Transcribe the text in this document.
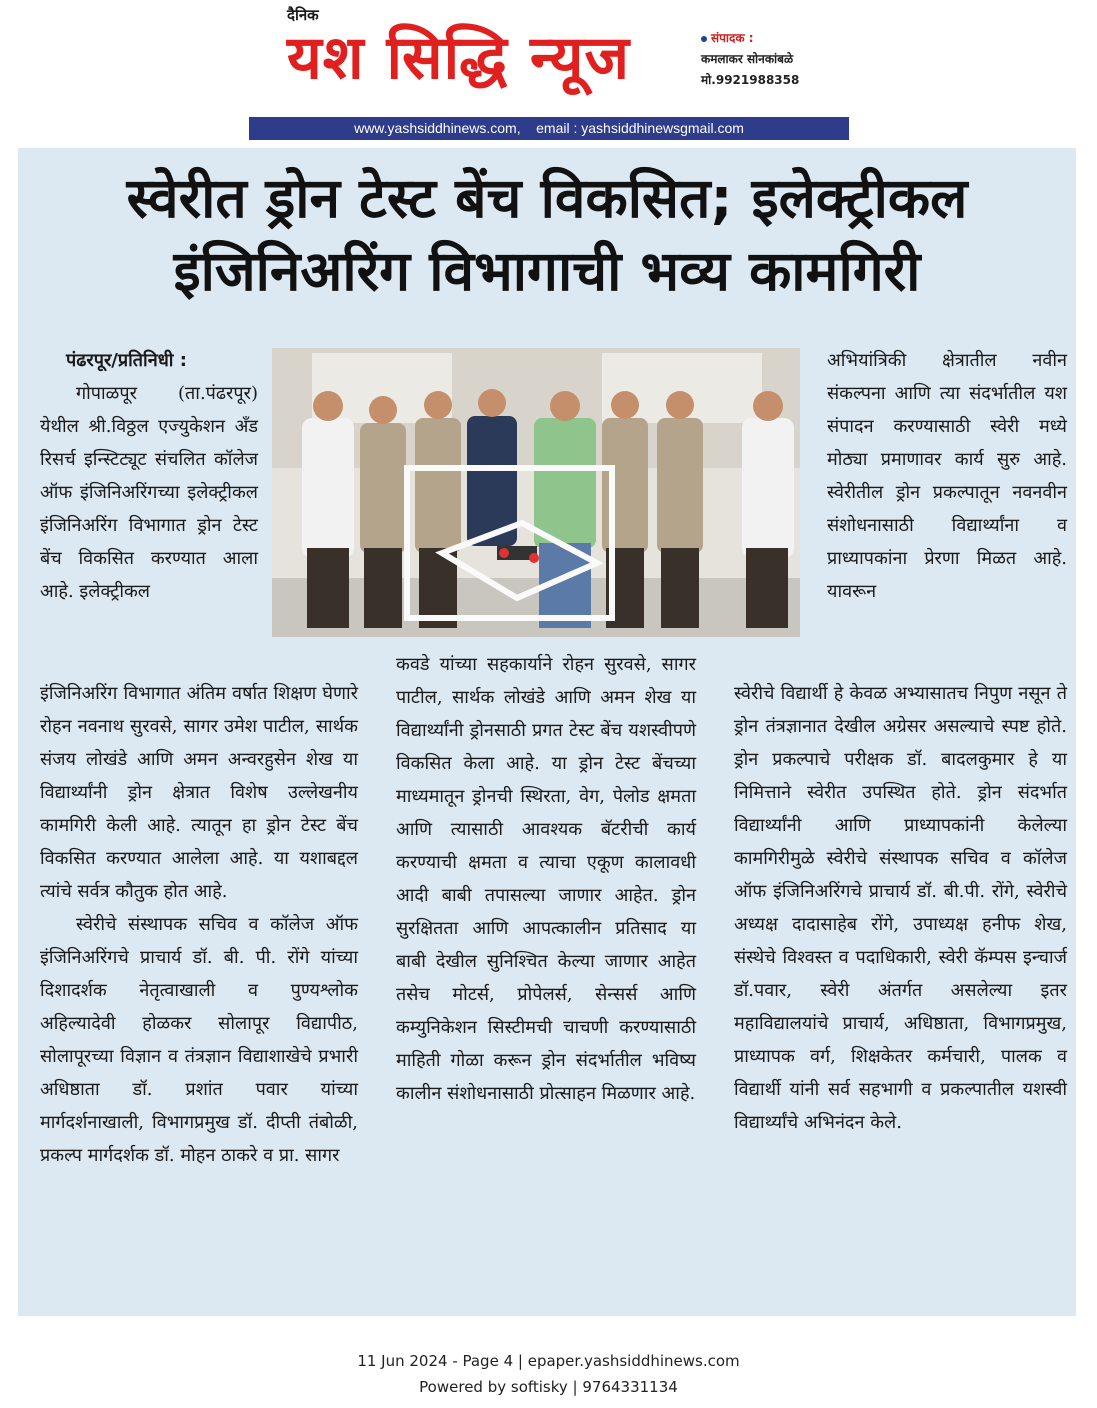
दैनिक
यश सिद्धि न्यूज	संपादक :
कमलाकर सोनकांबळे
मो.9921988358
www.yashsiddhinews.com,    email : yashsiddhinewsgmail.com
स्वेरीत ड्रोन टेस्ट बेंच विकसित; इलेक्ट्रीकल
इंजिनिअरिंग विभागाची भव्य कामगिरी

पंढरपूर/प्रतिनिधी :

गोपाळपूर (ता.पंढरपूर) येथील श्री.विठ्ठल एज्युकेशन अँड रिसर्च इन्स्टिट्यूट संचलित कॉलेज ऑफ इंजिनिअरिंगच्या इलेक्ट्रीकल इंजिनिअरिंग विभागात ड्रोन टेस्ट बेंच विकसित करण्यात आला आहे. इलेक्ट्रीकल

इंजिनिअरिंग विभागात अंतिम वर्षात शिक्षण घेणारे रोहन नवनाथ सुरवसे, सागर उमेश पाटील, सार्थक संजय लोखंडे आणि अमन अन्वरहुसेन शेख या विद्यार्थ्यांनी ड्रोन क्षेत्रात विशेष उल्लेखनीय कामगिरी केली आहे. त्यातून हा ड्रोन टेस्ट बेंच विकसित करण्यात आलेला आहे. या यशाबद्दल त्यांचे सर्वत्र कौतुक होत आहे.

स्वेरीचे संस्थापक सचिव व कॉलेज ऑफ इंजिनिअरिंगचे प्राचार्य डॉ. बी. पी. रोंगे यांच्या दिशादर्शक नेतृत्वाखाली व पुण्यश्लोक अहिल्यादेवी होळकर सोलापूर विद्यापीठ, सोलापूरच्या विज्ञान व तंत्रज्ञान विद्याशाखेचे प्रभारी अधिष्ठाता डॉ. प्रशांत पवार यांच्या मार्गदर्शनाखाली, विभागप्रमुख डॉ. दीप्ती तंबोळी, प्रकल्प मार्गदर्शक डॉ. मोहन ठाकरे व प्रा. सागर

कवडे यांच्या सहकार्याने रोहन सुरवसे, सागर पाटील, सार्थक लोखंडे आणि अमन शेख या विद्यार्थ्यांनी ड्रोनसाठी प्रगत टेस्ट बेंच यशस्वीपणे विकसित केला आहे. या ड्रोन टेस्ट बेंचच्या माध्यमातून ड्रोनची स्थिरता, वेग, पेलोड क्षमता आणि त्यासाठी आवश्यक बॅटरीची कार्य करण्याची क्षमता व त्याचा एकूण कालावधी आदी बाबी तपासल्या जाणार आहेत. ड्रोन सुरक्षितता आणि आपत्कालीन प्रतिसाद या बाबी देखील सुनिश्चित केल्या जाणार आहेत तसेच मोटर्स, प्रोपेलर्स, सेन्सर्स आणि कम्युनिकेशन सिस्टीमची चाचणी करण्यासाठी माहिती गोळा करून ड्रोन संदर्भातील भविष्य कालीन संशोधनासाठी प्रोत्साहन मिळणार आहे.

अभियांत्रिकी क्षेत्रातील नवीन संकल्पना आणि त्या संदर्भातील यश संपादन करण्यासाठी स्वेरी मध्ये मोठ्या प्रमाणावर कार्य सुरु आहे. स्वेरीतील ड्रोन प्रकल्पातून नवनवीन संशोधनासाठी विद्यार्थ्यांना व प्राध्यापकांना प्रेरणा मिळत आहे. यावरून

स्वेरीचे विद्यार्थी हे केवळ अभ्यासातच निपुण नसून ते ड्रोन तंत्रज्ञानात देखील अग्रेसर असल्याचे स्पष्ट होते. ड्रोन प्रकल्पाचे परीक्षक डॉ. बादलकुमार हे या निमित्ताने स्वेरीत उपस्थित होते. ड्रोन संदर्भात विद्यार्थ्यांनी आणि प्राध्यापकांनी केलेल्या कामगिरीमुळे स्वेरीचे संस्थापक सचिव व कॉलेज ऑफ इंजिनिअरिंगचे प्राचार्य डॉ. बी.पी. रोंगे, स्वेरीचे अध्यक्ष दादासाहेब रोंगे, उपाध्यक्ष हनीफ शेख, संस्थेचे विश्वस्त व पदाधिकारी, स्वेरी कॅम्पस इन्चार्ज डॉ.पवार, स्वेरी अंतर्गत असलेल्या इतर महाविद्यालयांचे प्राचार्य, अधिष्ठाता, विभागप्रमुख, प्राध्यापक वर्ग, शिक्षकेतर कर्मचारी, पालक व विद्यार्थी यांनी सर्व सहभागी व प्रकल्पातील यशस्वी विद्यार्थ्यांचे अभिनंदन केले.

11 Jun 2024 - Page 4 | epaper.yashsiddhinews.com
Powered by softisky | 9764331134
